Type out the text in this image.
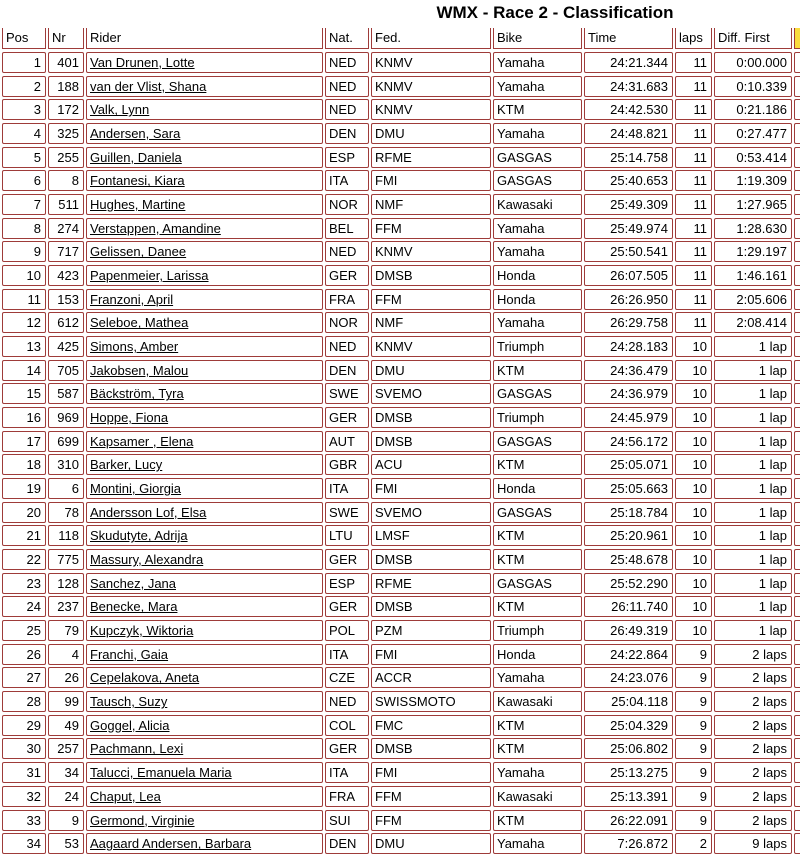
WMX - Race 2 - Classification
Pos	Nr	Rider	Nat.	Fed.	Bike	Time	laps	Diff. First
1	401 Van Drunen, Lotte	NED	KNMV	Yamaha	24:21.344	11	0:00.000
2	188 van der Vlist, Shana	NED	KNMV	Yamaha	24:31.683	11	0:10.339
3	172 Valk, Lynn	NED	KNMV	KTM	24:42.530	11	0:21.186
4	325 Andersen, Sara	DEN	DMU	Yamaha	24:48.821	11	0:27.477
5	255 Guillen, Daniela	ESP	RFME	GASGAS	25:14.758	11	0:53.414
6	8 Fontanesi, Kiara	ITA	FMI	GASGAS	25:40.653	11	1:19.309
7	511 Hughes, Martine	NOR	NMF	Kawasaki	25:49.309	11	1:27.965
8	274 Verstappen, Amandine	BEL	FFM	Yamaha	25:49.974	11	1:28.630
9	717 Gelissen, Danee	NED	KNMV	Yamaha	25:50.541	11	1:29.197
10	423 Papenmeier, Larissa	GER	DMSB	Honda	26:07.505	11	1:46.161
11	153 Franzoni, April	FRA	FFM	Honda	26:26.950	11	2:05.606
12	612 Seleboe, Mathea	NOR	NMF	Yamaha	26:29.758	11	2:08.414
13	425 Simons, Amber	NED	KNMV	Triumph	24:28.183	10	1 lap
14	705 Jakobsen, Malou	DEN	DMU	KTM	24:36.479	10	1 lap
15	587 Bäckström, Tyra	SWE	SVEMO	GASGAS	24:36.979	10	1 lap
16	969 Hoppe, Fiona	GER	DMSB	Triumph	24:45.979	10	1 lap
17	699 Kapsamer , Elena	AUT	DMSB	GASGAS	24:56.172	10	1 lap
18	310 Barker, Lucy	GBR	ACU	KTM	25:05.071	10	1 lap
19	6 Montini, Giorgia	ITA	FMI	Honda	25:05.663	10	1 lap
20	78 Andersson Lof, Elsa	SWE	SVEMO	GASGAS	25:18.784	10	1 lap
21	118 Skudutyte, Adrija	LTU	LMSF	KTM	25:20.961	10	1 lap
22	775 Massury, Alexandra	GER	DMSB	KTM	25:48.678	10	1 lap
23	128 Sanchez, Jana	ESP	RFME	GASGAS	25:52.290	10	1 lap
24	237 Benecke, Mara	GER	DMSB	KTM	26:11.740	10	1 lap
25	79 Kupczyk, Wiktoria	POL	PZM	Triumph	26:49.319	10	1 lap
26	4 Franchi, Gaia	ITA	FMI	Honda	24:22.864	9	2 laps
27	26 Cepelakova, Aneta	CZE	ACCR	Yamaha	24:23.076	9	2 laps
28	99 Tausch, Suzy	NED	SWISSMOTO	Kawasaki	25:04.118	9	2 laps
29	49 Goggel, Alicia	COL	FMC	KTM	25:04.329	9	2 laps
30	257 Pachmann, Lexi	GER	DMSB	KTM	25:06.802	9	2 laps
31	34 Talucci, Emanuela Maria	ITA	FMI	Yamaha	25:13.275	9	2 laps
32	24 Chaput, Lea	FRA	FFM	Kawasaki	25:13.391	9	2 laps
33	9 Germond, Virginie	SUI	FFM	KTM	26:22.091	9	2 laps
34	53 Aagaard Andersen, Barbara	DEN	DMU	Yamaha	7:26.872	2	9 laps
